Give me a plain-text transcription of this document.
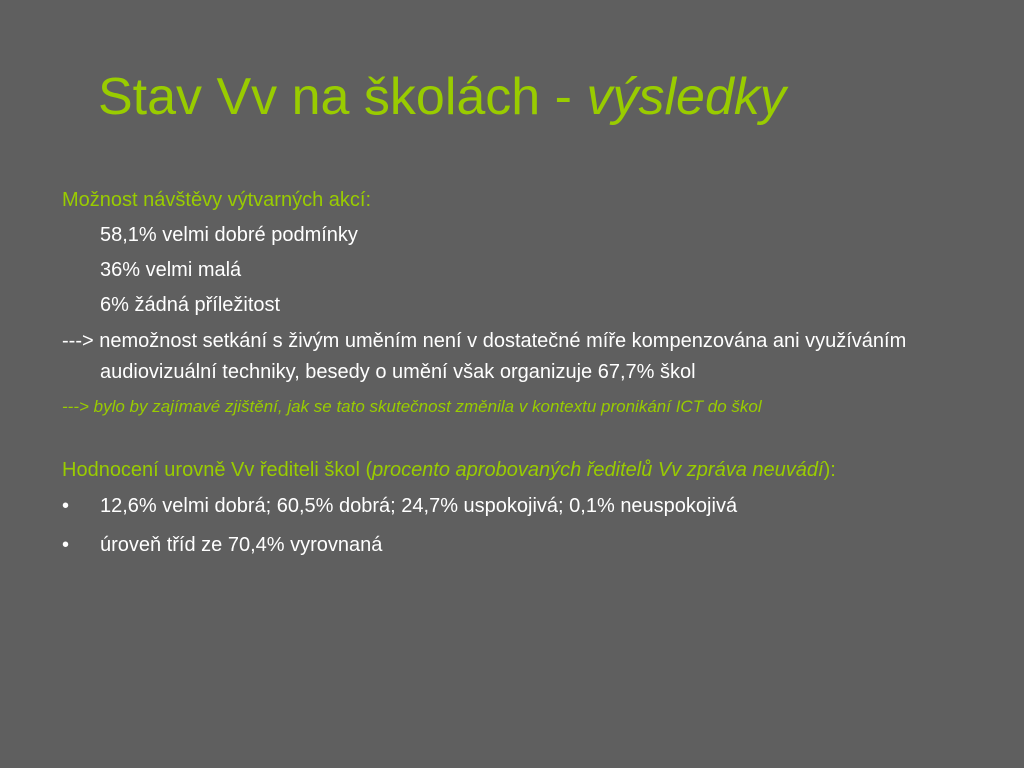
Stav Vv na školách - výsledky

Možnost návštěvy výtvarných akcí:

58,1% velmi dobré podmínky

36% velmi malá

6% žádná příležitost

---> nemožnost setkání s živým uměním není v dostatečné míře kompenzována ani využíváním audiovizuální techniky, besedy o umění však organizuje 67,7% škol

---> bylo by zajímavé zjištění, jak se tato skutečnost změnila v kontextu pronikání ICT do škol

Hodnocení urovně Vv řediteli škol (procento aprobovaných ředitelů Vv zpráva neuvádí):

• 12,6% velmi dobrá; 60,5% dobrá; 24,7% uspokojivá; 0,1% neuspokojivá

• úroveň tříd ze 70,4% vyrovnaná
